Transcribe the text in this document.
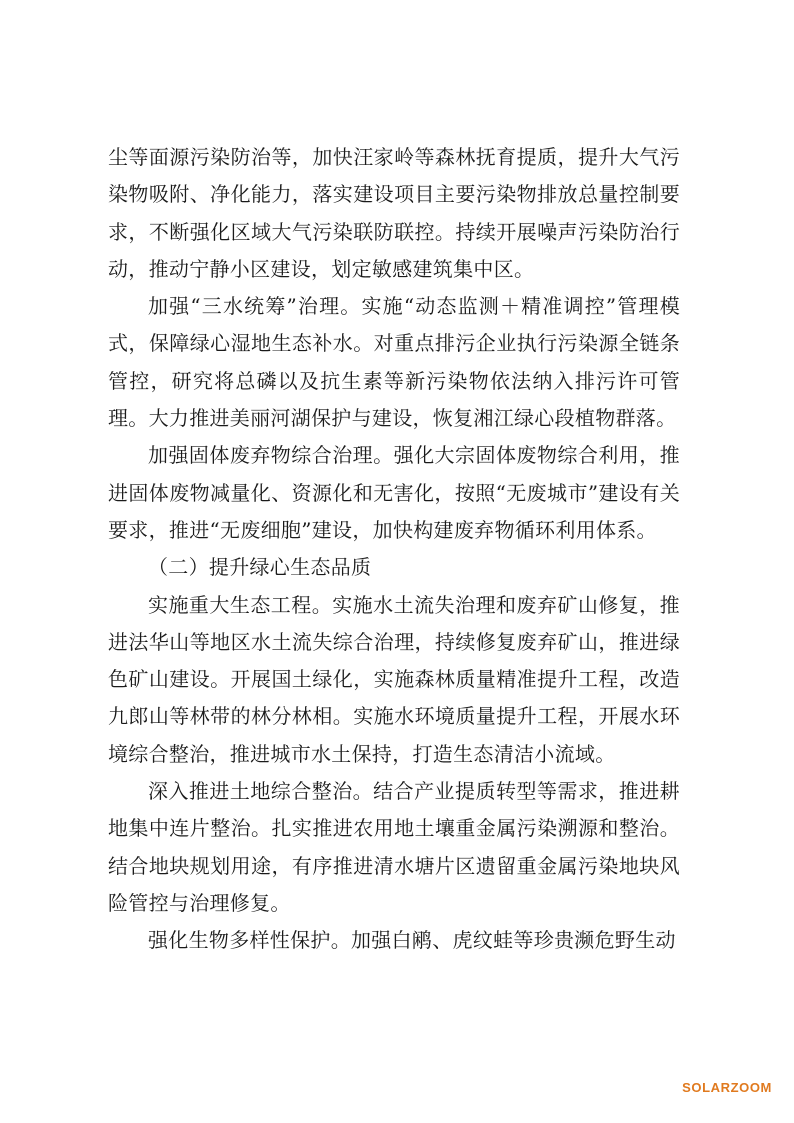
尘等面源污染防治等，加快汪家岭等森林抚育提质，提升大气污染物吸附、净化能力，落实建设项目主要污染物排放总量控制要求，不断强化区域大气污染联防联控。持续开展噪声污染防治行动，推动宁静小区建设，划定敏感建筑集中区。

加强“三水统筹”治理。实施“动态监测＋精准调控”管理模式，保障绿心湿地生态补水。对重点排污企业执行污染源全链条管控，研究将总磷以及抗生素等新污染物依法纳入排污许可管理。大力推进美丽河湖保护与建设，恢复湘江绿心段植物群落。

加强固体废弃物综合治理。强化大宗固体废物综合利用，推进固体废物减量化、资源化和无害化，按照“无废城市”建设有关要求，推进“无废细胞”建设，加快构建废弃物循环利用体系。

（二）提升绿心生态品质

实施重大生态工程。实施水土流失治理和废弃矿山修复，推进法华山等地区水土流失综合治理，持续修复废弃矿山，推进绿色矿山建设。开展国土绿化，实施森林质量精准提升工程，改造九郎山等林带的林分林相。实施水环境质量提升工程，开展水环境综合整治，推进城市水土保持，打造生态清洁小流域。

深入推进土地综合整治。结合产业提质转型等需求，推进耕地集中连片整治。扎实推进农用地土壤重金属污染溯源和整治。结合地块规划用途，有序推进清水塘片区遗留重金属污染地块风险管控与治理修复。

强化生物多样性保护。加强白鹇、虎纹蛙等珍贵濒危野生动

SOLARZOOM
